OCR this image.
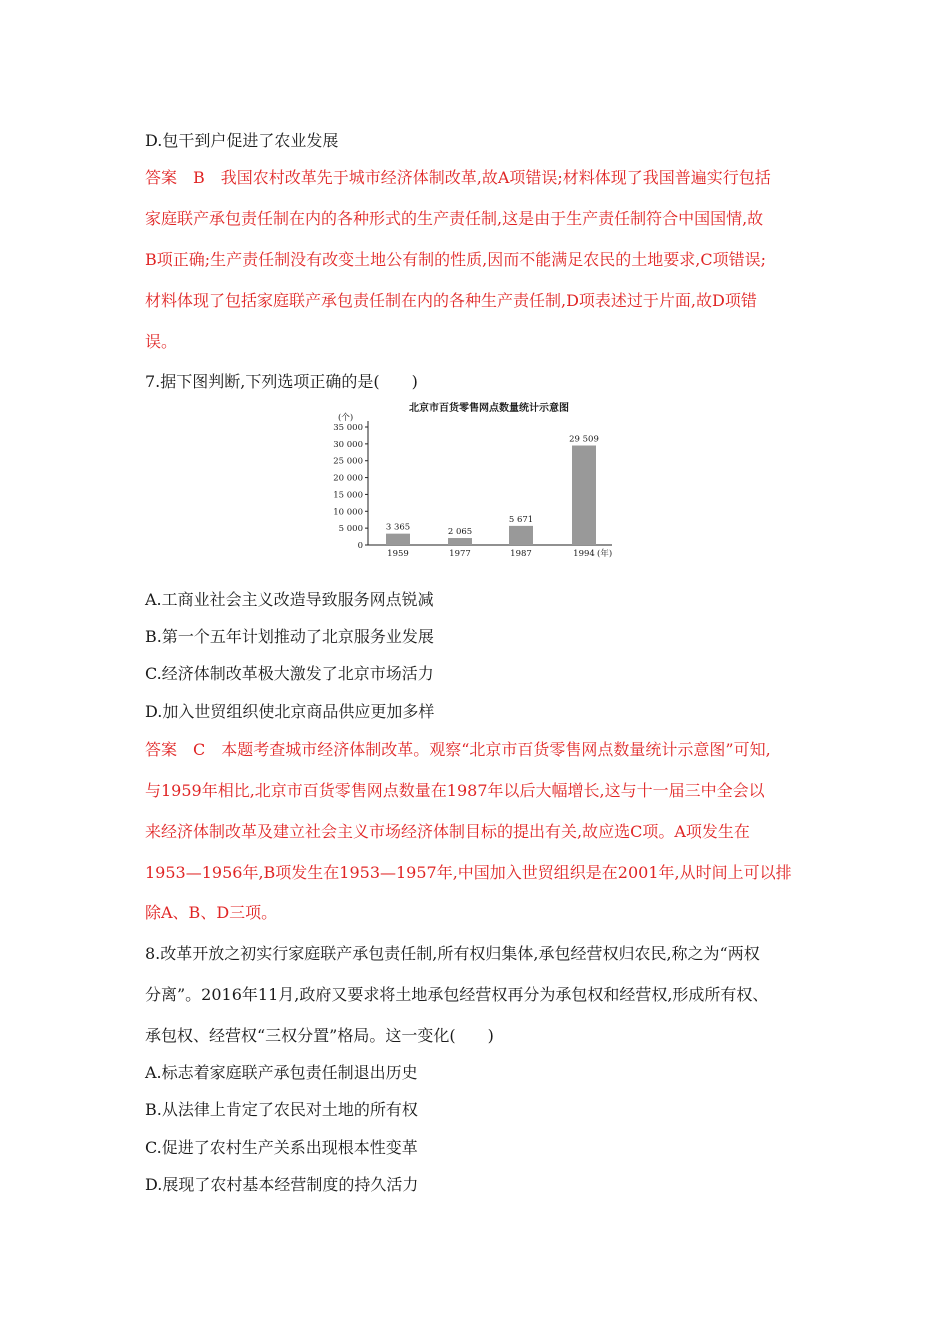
D.包干到户促进了农业发展
答案　B　我国农村改革先于城市经济体制改革,故A项错误;材料体现了我国普遍实行包括
家庭联产承包责任制在内的各种形式的生产责任制,这是由于生产责任制符合中国国情,故
B项正确;生产责任制没有改变土地公有制的性质,因而不能满足农民的土地要求,C项错误;
材料体现了包括家庭联产承包责任制在内的各种生产责任制,D项表述过于片面,故D项错
误。
7.据下图判断,下列选项正确的是(　　)
A.工商业社会主义改造导致服务网点锐减
B.第一个五年计划推动了北京服务业发展
C.经济体制改革极大激发了北京市场活力
D.加入世贸组织使北京商品供应更加多样
答案　C　本题考查城市经济体制改革。观察“北京市百货零售网点数量统计示意图”可知,
与1959年相比,北京市百货零售网点数量在1987年以后大幅增长,这与十一届三中全会以
来经济体制改革及建立社会主义市场经济体制目标的提出有关,故应选C项。A项发生在
1953—1956年,B项发生在1953—1957年,中国加入世贸组织是在2001年,从时间上可以排
除A、B、D三项。
8.改革开放之初实行家庭联产承包责任制,所有权归集体,承包经营权归农民,称之为“两权
分离”。2016年11月,政府又要求将土地承包经营权再分为承包权和经营权,形成所有权、
承包权、经营权“三权分置”格局。这一变化(　　)
A.标志着家庭联产承包责任制退出历史
B.从法律上肯定了农民对土地的所有权
C.促进了农村生产关系出现根本性变革
D.展现了农村基本经营制度的持久活力
北京市百货零售网点数量统计示意图
(个)
0
5 000
10 000
15 000
20 000
25 000
30 000
35 000
3 365
1959
2 065
1977
5 671
1987
29 509
1994 (年)
